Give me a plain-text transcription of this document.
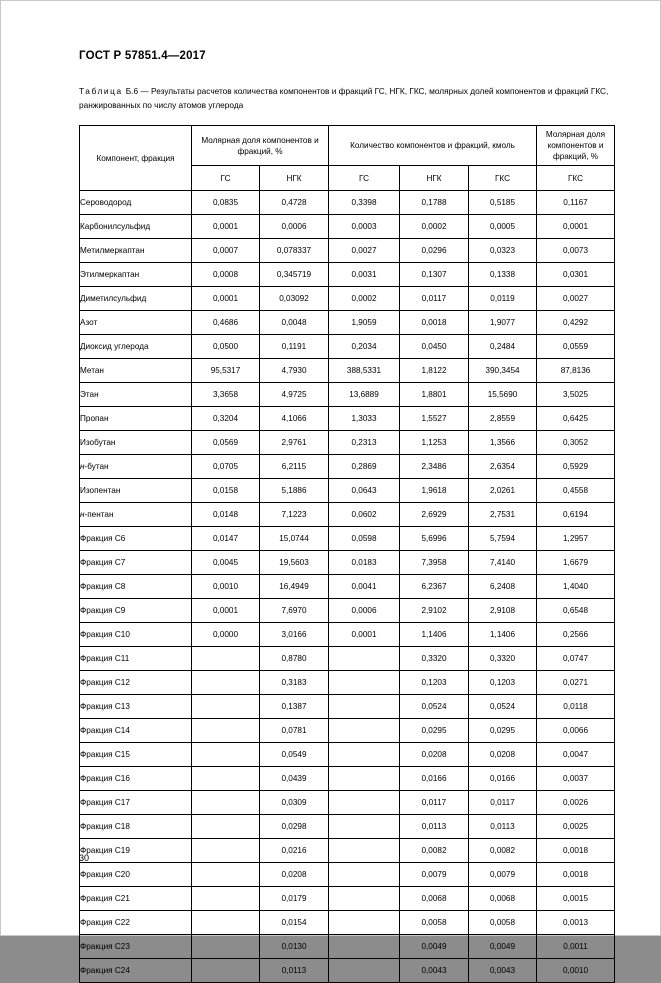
ГОСТ Р 57851.4—2017
Таблица Б.6 — Результаты расчетов количества компонентов и фракций ГС, НГК, ГКС, молярных долей компонентов и фракций ГКС, ранжированных по числу атомов углерода
Компонент, фракция	Молярная доля компонентов и фракций, %		Количество компонентов и фракций, кмоль			Молярная доля компонентов и фракций, %
	ГС	НГК	ГС	НГК	ГКС	ГКС
Сероводород	0,0835	0,4728	0,3398	0,1788	0,5185	0,1167
Карбонилсульфид	0,0001	0,0006	0,0003	0,0002	0,0005	0,0001
Метилмеркаптан	0,0007	0,078337	0,0027	0,0296	0,0323	0,0073
Этилмеркаптан	0,0008	0,345719	0,0031	0,1307	0,1338	0,0301
Диметилсульфид	0,0001	0,03092	0,0002	0,0117	0,0119	0,0027
Азот	0,4686	0,0048	1,9059	0,0018	1,9077	0,4292
Диоксид углерода	0,0500	0,1191	0,2034	0,0450	0,2484	0,0559
Метан	95,5317	4,7930	388,5331	1,8122	390,3454	87,8136
Этан	3,3658	4,9725	13,6889	1,8801	15,5690	3,5025
Пропан	0,3204	4,1066	1,3033	1,5527	2,8559	0,6425
Изобутан	0,0569	2,9761	0,2313	1,1253	1,3566	0,3052
н-бутан	0,0705	6,2115	0,2869	2,3486	2,6354	0,5929
Изопентан	0,0158	5,1886	0,0643	1,9618	2,0261	0,4558
н-пентан	0,0148	7,1223	0,0602	2,6929	2,7531	0,6194
Фракция С6	0,0147	15,0744	0,0598	5,6996	5,7594	1,2957
Фракция С7	0,0045	19,5603	0,0183	7,3958	7,4140	1,6679
Фракция С8	0,0010	16,4949	0,0041	6,2367	6,2408	1,4040
Фракция С9	0,0001	7,6970	0,0006	2,9102	2,9108	0,6548
Фракция С10	0,0000	3,0166	0,0001	1,1406	1,1406	0,2566
Фракция С11		0,8780		0,3320	0,3320	0,0747
Фракция С12		0,3183		0,1203	0,1203	0,0271
Фракция С13		0,1387		0,0524	0,0524	0,0118
Фракция С14		0,0781		0,0295	0,0295	0,0066
Фракция С15		0,0549		0,0208	0,0208	0,0047
Фракция С16		0,0439		0,0166	0,0166	0,0037
Фракция С17		0,0309		0,0117	0,0117	0,0026
Фракция С18		0,0298		0,0113	0,0113	0,0025
Фракция С19		0,0216		0,0082	0,0082	0,0018
Фракция С20		0,0208		0,0079	0,0079	0,0018
Фракция С21		0,0179		0,0068	0,0068	0,0015
Фракция С22		0,0154		0,0058	0,0058	0,0013
Фракция С23		0,0130		0,0049	0,0049	0,0011
Фракция С24		0,0113		0,0043	0,0043	0,0010
30
